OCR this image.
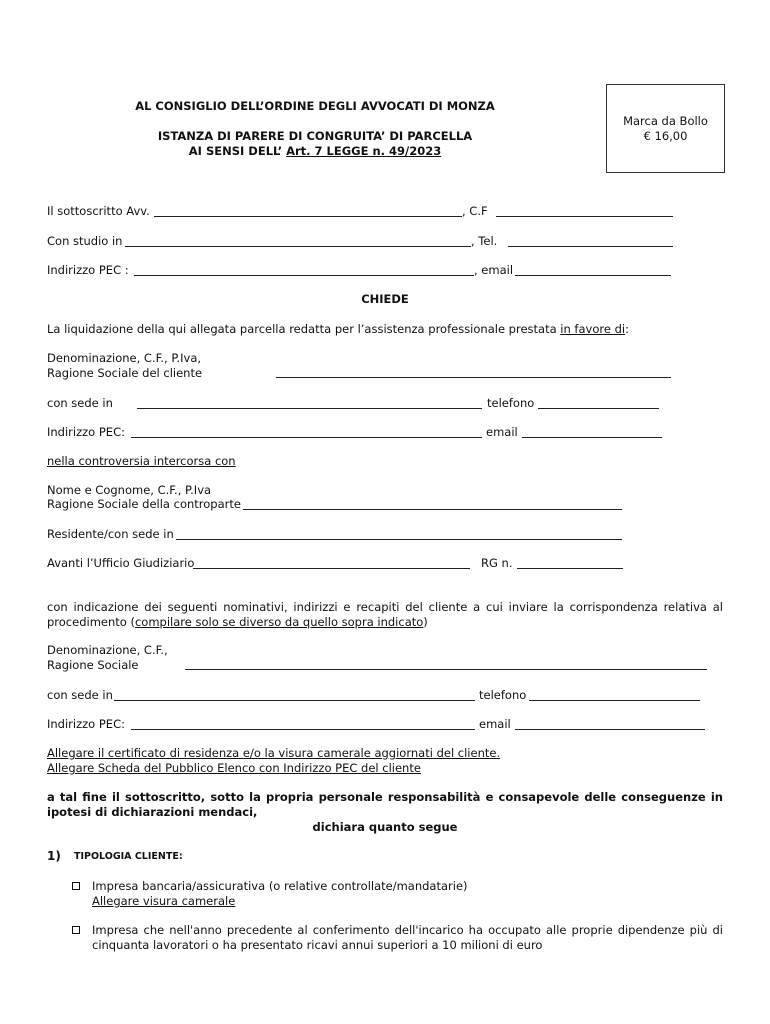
AL CONSIGLIO DELL’ORDINE DEGLI AVVOCATI DI MONZA
ISTANZA DI PARERE DI CONGRUITA’ DI PARCELLA
AI SENSI DELL’ Art. 7 LEGGE n. 49/2023
Marca da Bollo
€ 16,00
Il sottoscritto Avv.	, C.F
Con studio in	, Tel.
Indirizzo PEC :	, email
CHIEDE
La liquidazione della qui allegata parcella redatta per l’assistenza professionale prestata in favore di:
Denominazione, C.F., P.Iva,
Ragione Sociale del cliente
con sede in	telefono
Indirizzo PEC:	email
nella controversia intercorsa con
Nome e Cognome, C.F., P.Iva
Ragione Sociale della controparte
Residente/con sede in
Avanti l’Ufficio Giudiziario	RG n.
con indicazione dei seguenti nominativi, indirizzi e recapiti del cliente a cui inviare la corrispondenza relativa al procedimento (compilare solo se diverso da quello sopra indicato)
Denominazione, C.F.,
Ragione Sociale
con sede in	telefono
Indirizzo PEC:	email
Allegare il certificato di residenza e/o la visura camerale aggiornati del cliente.
Allegare Scheda del Pubblico Elenco con Indirizzo PEC del cliente
a tal fine il sottoscritto, sotto la propria personale responsabilità e consapevole delle conseguenze in ipotesi di dichiarazioni mendaci,
dichiara quanto segue
1) TIPOLOGIA CLIENTE:
Impresa bancaria/assicurativa (o relative controllate/mandatarie)
Allegare visura camerale
Impresa che nell'anno precedente al conferimento dell'incarico ha occupato alle proprie dipendenze più di cinquanta lavoratori o ha presentato ricavi annui superiori a 10 milioni di euro
